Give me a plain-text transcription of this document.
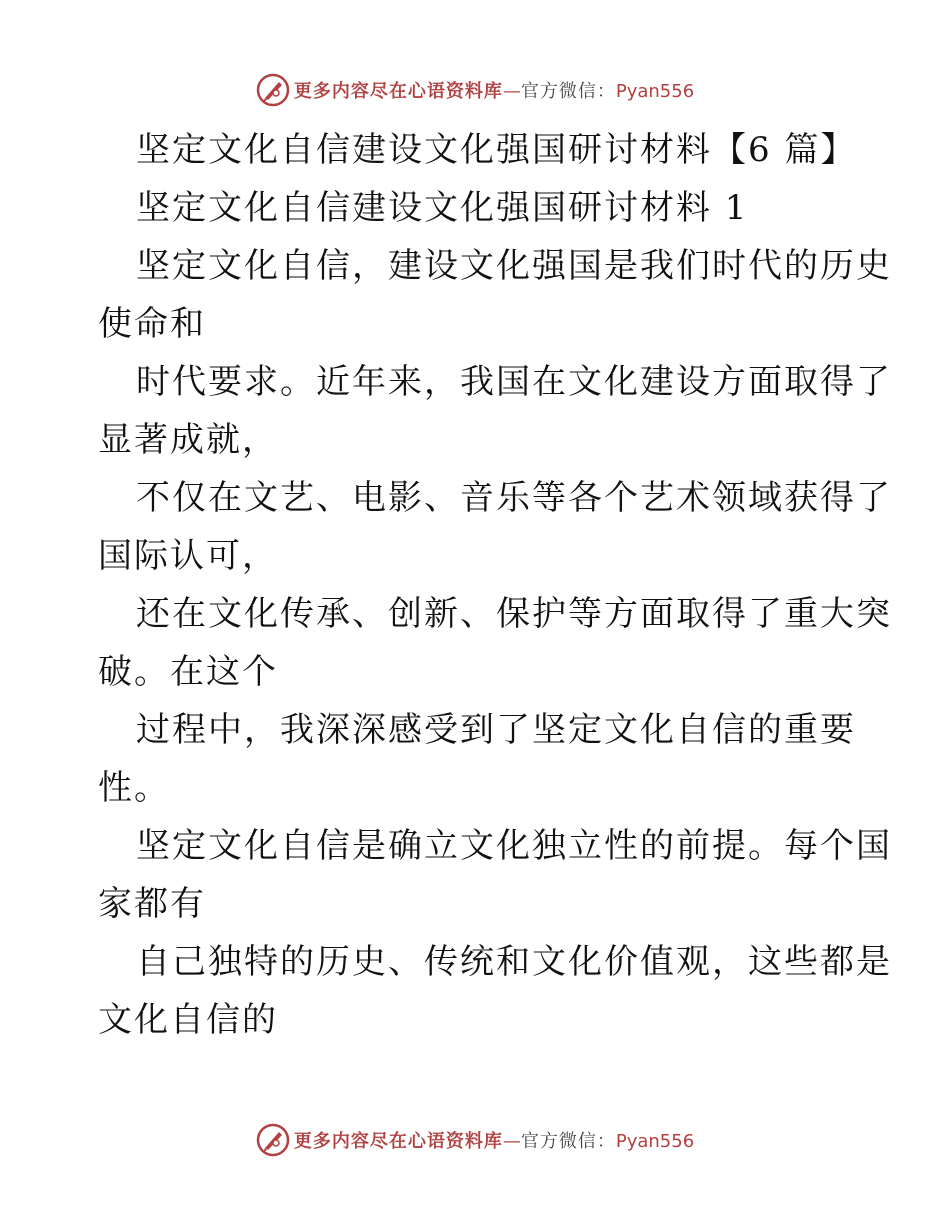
更多内容尽在心语资料库 — 官方微信： Pyan556
坚定文化自信建设文化强国研讨材料【6 篇】
坚定文化自信建设文化强国研讨材料 1
坚定文化自信，建设文化强国是我们时代的历史
使命和
时代要求。近年来，我国在文化建设方面取得了
显著成就，
不仅在文艺、电影、音乐等各个艺术领域获得了
国际认可，
还在文化传承、创新、保护等方面取得了重大突
破。在这个
过程中，我深深感受到了坚定文化自信的重要
性。
坚定文化自信是确立文化独立性的前提。每个国
家都有
自己独特的历史、传统和文化价值观，这些都是
文化自信的
更多内容尽在心语资料库 — 官方微信： Pyan556
